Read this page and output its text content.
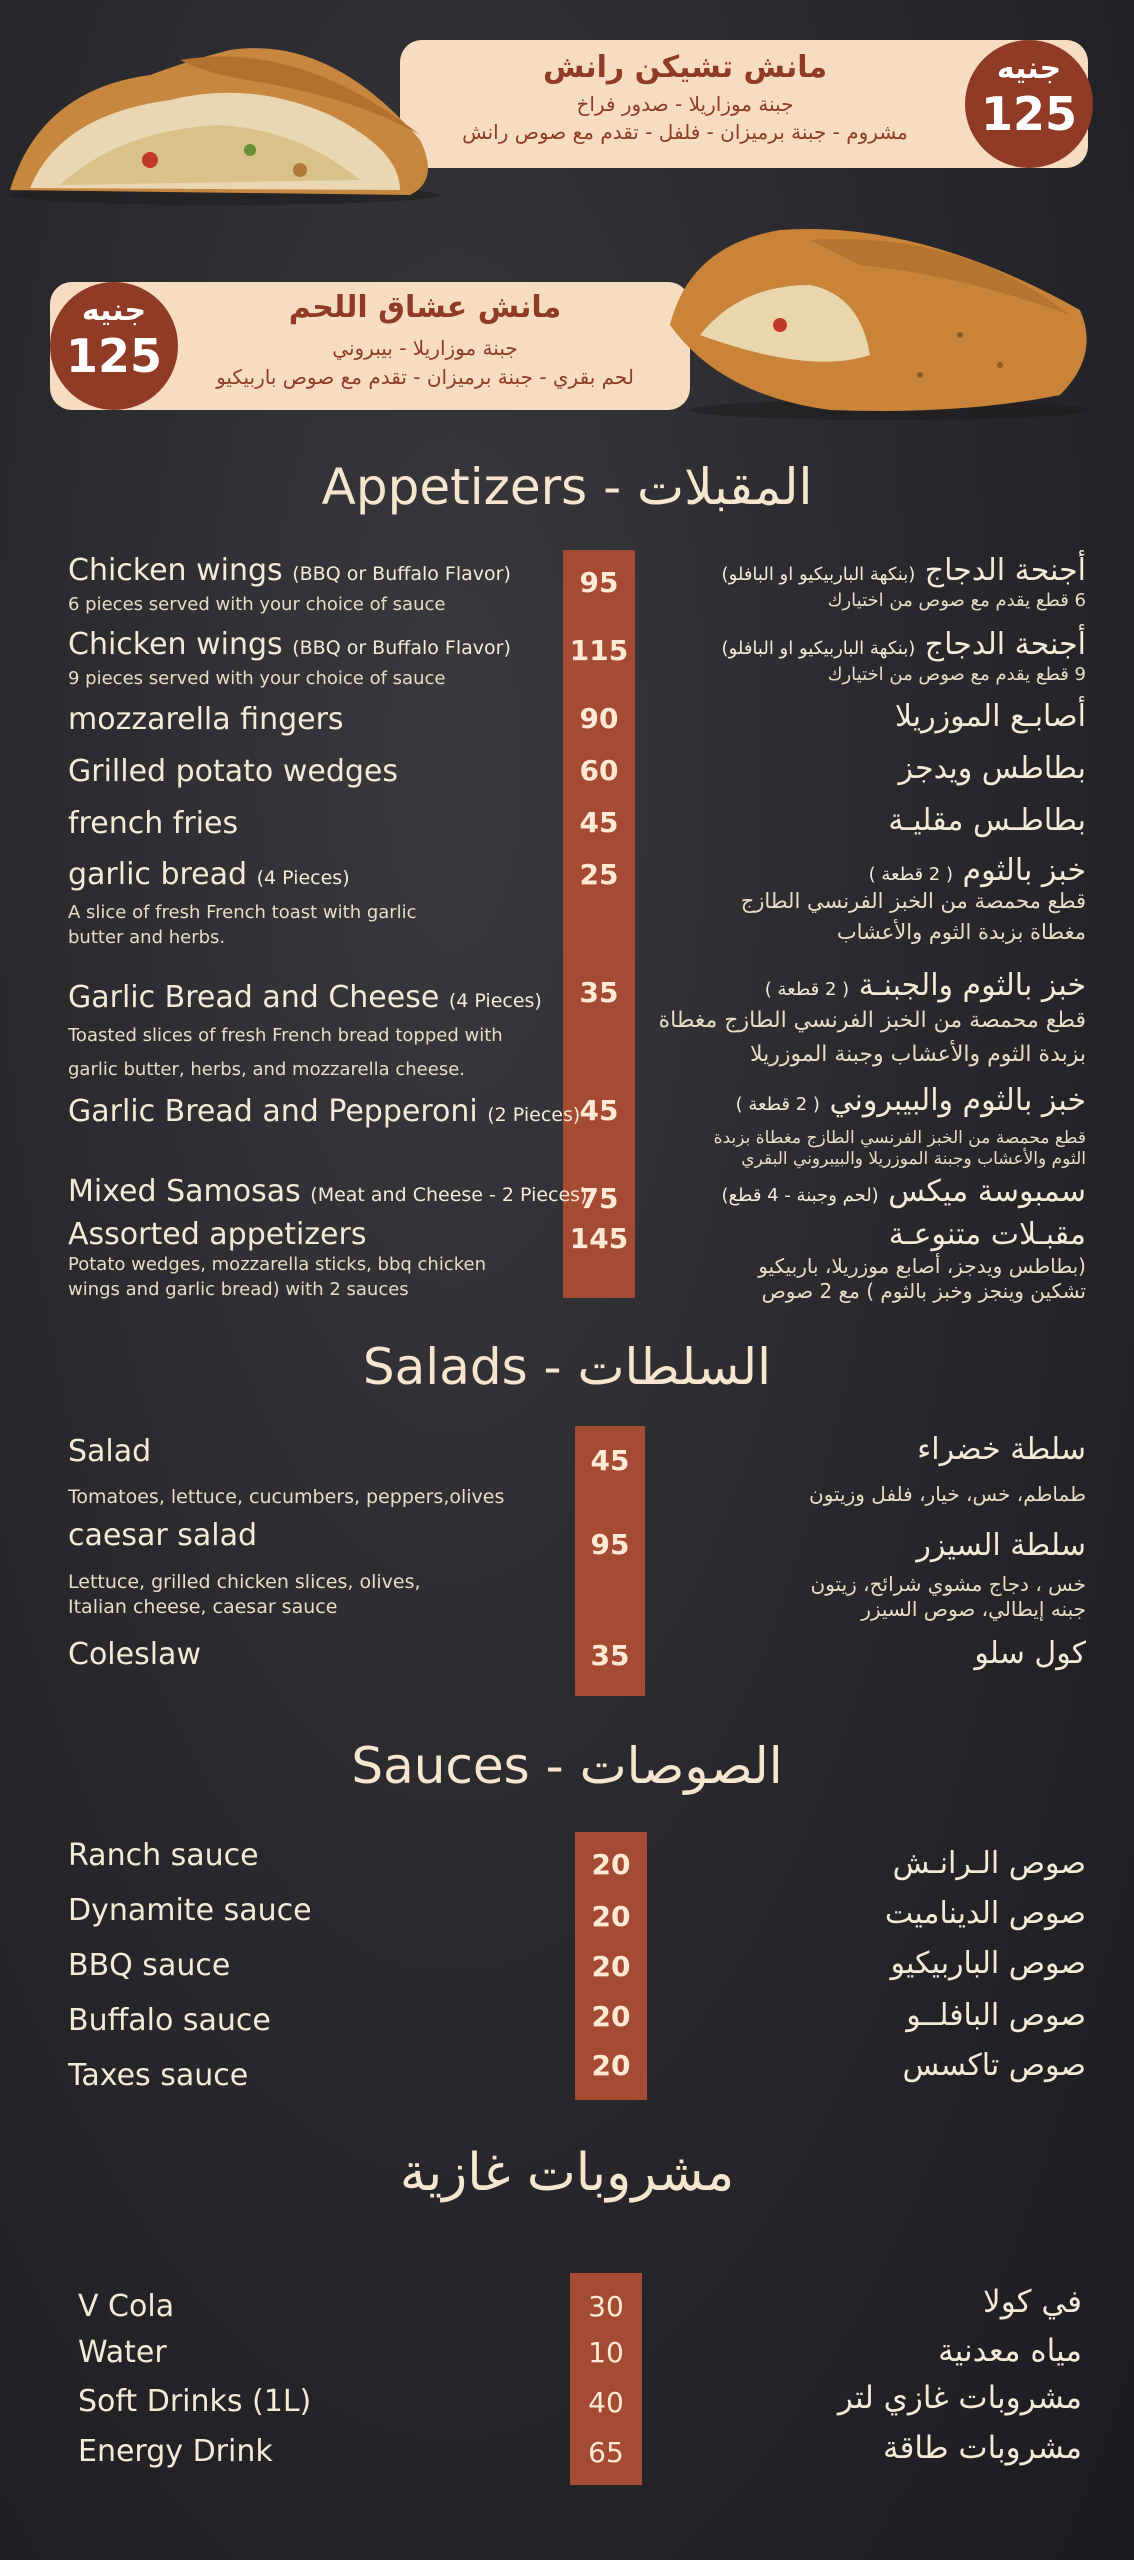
مانش تشيكن رانش
جبنة موزاريلا - صدور فراخ
مشروم - جبنة برميزان - فلفل - تقدم مع صوص رانش
جنيه
125
جنيه
125
مانش عشاق اللحم
جبنة موزاريلا - بيبروني
لحم بقري - جبنة برميزان - تقدم مع صوص باربيكيو
Appetizers - المقبلات
Chicken wings (BBQ or Buffalo Flavor)
6 pieces served with your choice of sauce
95	أجنحة الدجاج (بنكهة الباربيكيو او البافلو)
6 قطع يقدم مع صوص من اختيارك
Chicken wings (BBQ or Buffalo Flavor)
9 pieces served with your choice of sauce
115	أجنحة الدجاج (بنكهة الباربيكيو او البافلو)
9 قطع يقدم مع صوص من اختيارك
mozzarella fingers	90	أصابـع الموزريلا
Grilled potato wedges	60	بطاطس ويدجز
french fries	45	بطاطـس مقليـة
garlic bread (4 Pieces)
A slice of fresh French toast with garlic
butter and herbs.
25	خبز بالثوم ( 2 قطعة )
قطع محمصة من الخبز الفرنسي الطازج
مغطاة بزبدة الثوم والأعشاب
Garlic Bread and Cheese (4 Pieces)
Toasted slices of fresh French bread topped with
garlic butter, herbs, and mozzarella cheese.
35	خبز بالثوم والجبنـة ( 2 قطعة )
قطع محمصة من الخبز الفرنسي الطازج مغطاة
بزبدة الثوم والأعشاب وجبنة الموزريلا
Garlic Bread and Pepperoni (2 Pieces) 45	خبز بالثوم والبيبروني ( 2 قطعة )
قطع محمصة من الخبز الفرنسي الطازج مغطاة بزبدة
الثوم والأعشاب وجبنة الموزريلا والبيبروني البقري
Mixed Samosas (Meat and Cheese - 2 Pieces)
75	سمبوسة ميكس (لحم وجبنة - 4 قطع)
Assorted appetizers
Potato wedges, mozzarella sticks, bbq chicken
wings and garlic bread) with 2 sauces
145	مقبـلات متنوعـة
(بطاطس ويدجز، أصابع موزريلا، باربيكيو
تشكين وينجز وخبز بالثوم ) مع 2 صوص
Salads - السلطات
Salad
Tomatoes, lettuce, cucumbers, peppers,olives
45	سلطة خضراء
طماطم، خس، خيار، فلفل وزيتون
caesar salad
Lettuce, grilled chicken slices, olives,
Italian cheese, caesar sauce
95	سلطة السيزر
خس ، دجاج مشوي شرائح، زيتون
جبنه إيطالي، صوص السيزر
Coleslaw	35	كول سلو
Sauces - الصوصات
Ranch sauce	20	صوص الـرانـش
Dynamite sauce	20	صوص الديناميت
BBQ sauce	20	صوص الباربيكيو
Buffalo sauce	20	صوص البافلــو
Taxes sauce	20	صوص تاكسس
مشروبات غازية
V Cola	30	في كولا
Water	10	مياه معدنية
Soft Drinks (1L)	40	مشروبات غازي لتر
Energy Drink	65	مشروبات طاقة
